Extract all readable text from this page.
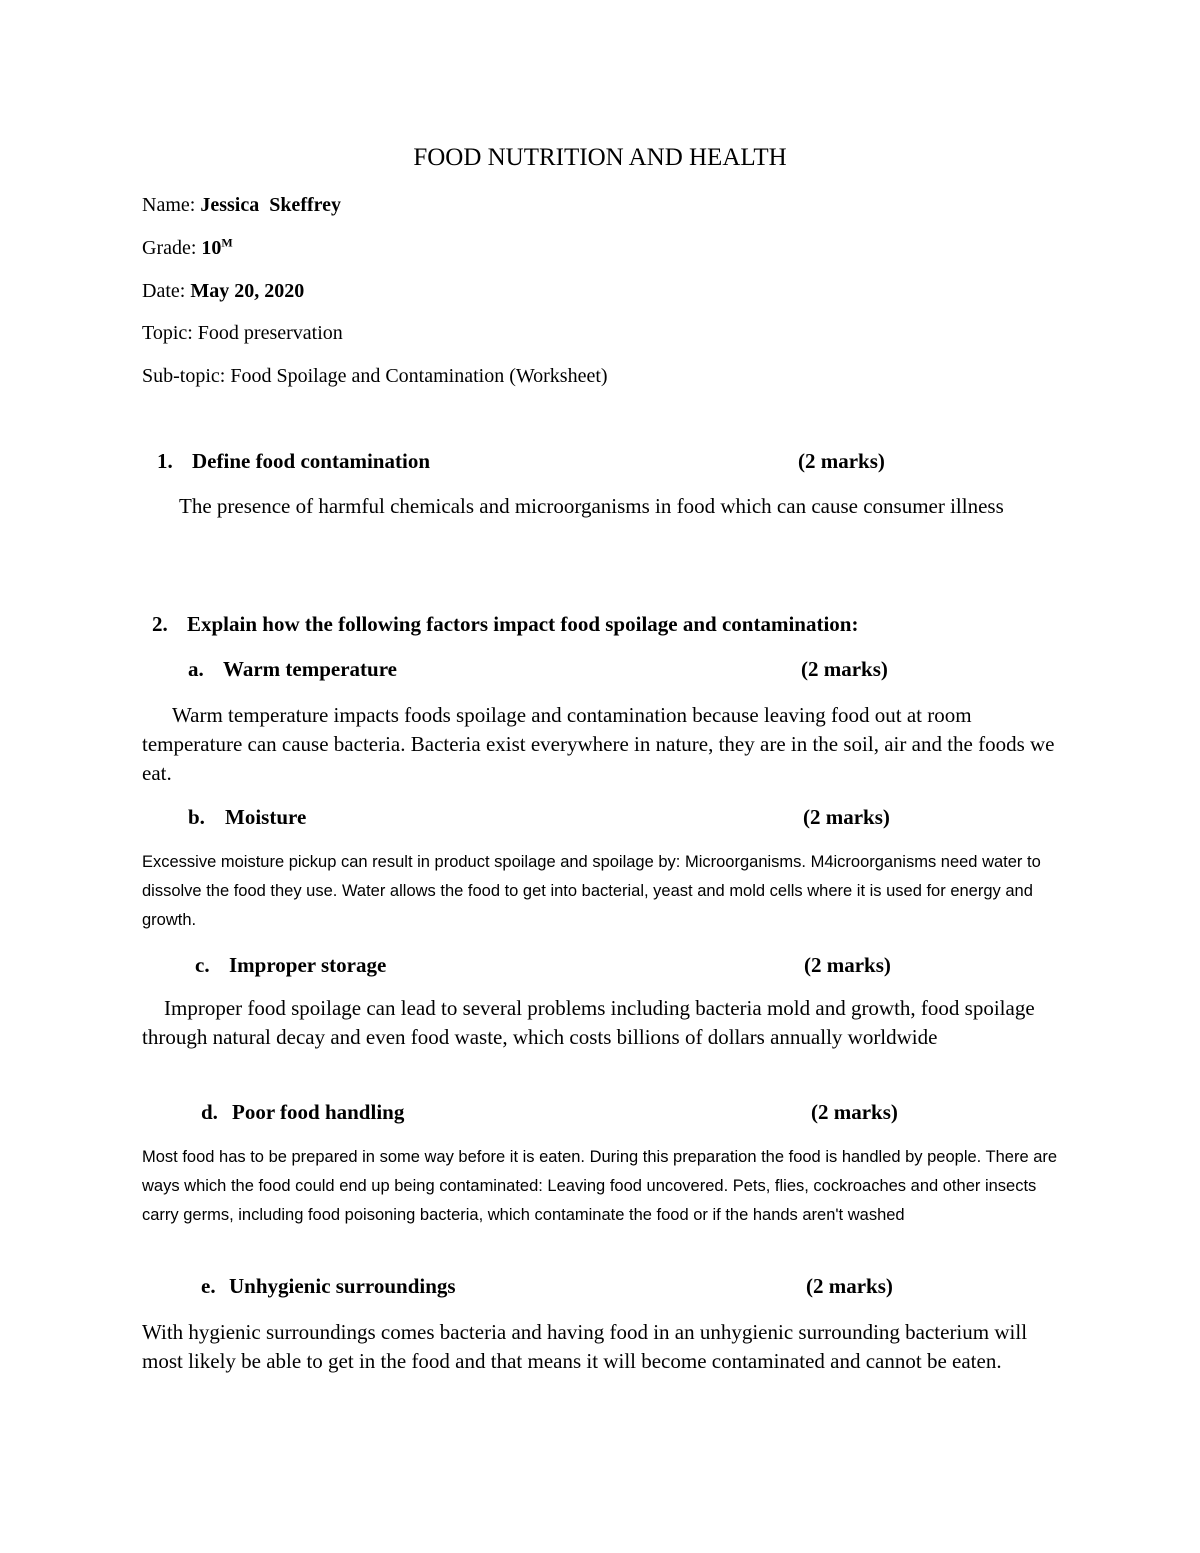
FOOD NUTRITION AND HEALTH
Name: Jessica  Skeffrey
Grade: $10^M$
Date: May 20, 2020
Topic: Food preservation
Sub-topic: Food Spoilage and Contamination (Worksheet)
1. Define food contamination	(2 marks)
The presence of harmful chemicals and microorganisms in food which can cause consumer illness
2. Explain how the following factors impact food spoilage and contamination:
a. Warm temperature	(2 marks)
Warm temperature impacts foods spoilage and contamination because leaving food out at room temperature can cause bacteria. Bacteria exist everywhere in nature, they are in the soil, air and the foods we eat.
b. Moisture	(2 marks)
Excessive moisture pickup can result in product spoilage and spoilage by: Microorganisms. M4icroorganisms need water to dissolve the food they use. Water allows the food to get into bacterial, yeast and mold cells where it is used for energy and growth.
c. Improper storage	(2 marks)
Improper food spoilage can lead to several problems including bacteria mold and growth, food spoilage through natural decay and even food waste, which costs billions of dollars annually worldwide
d. Poor food handling	(2 marks)
Most food has to be prepared in some way before it is eaten. During this preparation the food is handled by people. There are ways which the food could end up being contaminated: Leaving food uncovered. Pets, flies, cockroaches and other insects carry germs, including food poisoning bacteria, which contaminate the food or if the hands aren't washed
e. Unhygienic surroundings	(2 marks)
With hygienic surroundings comes bacteria and having food in an unhygienic surrounding bacterium will most likely be able to get in the food and that means it will become contaminated and cannot be eaten.
